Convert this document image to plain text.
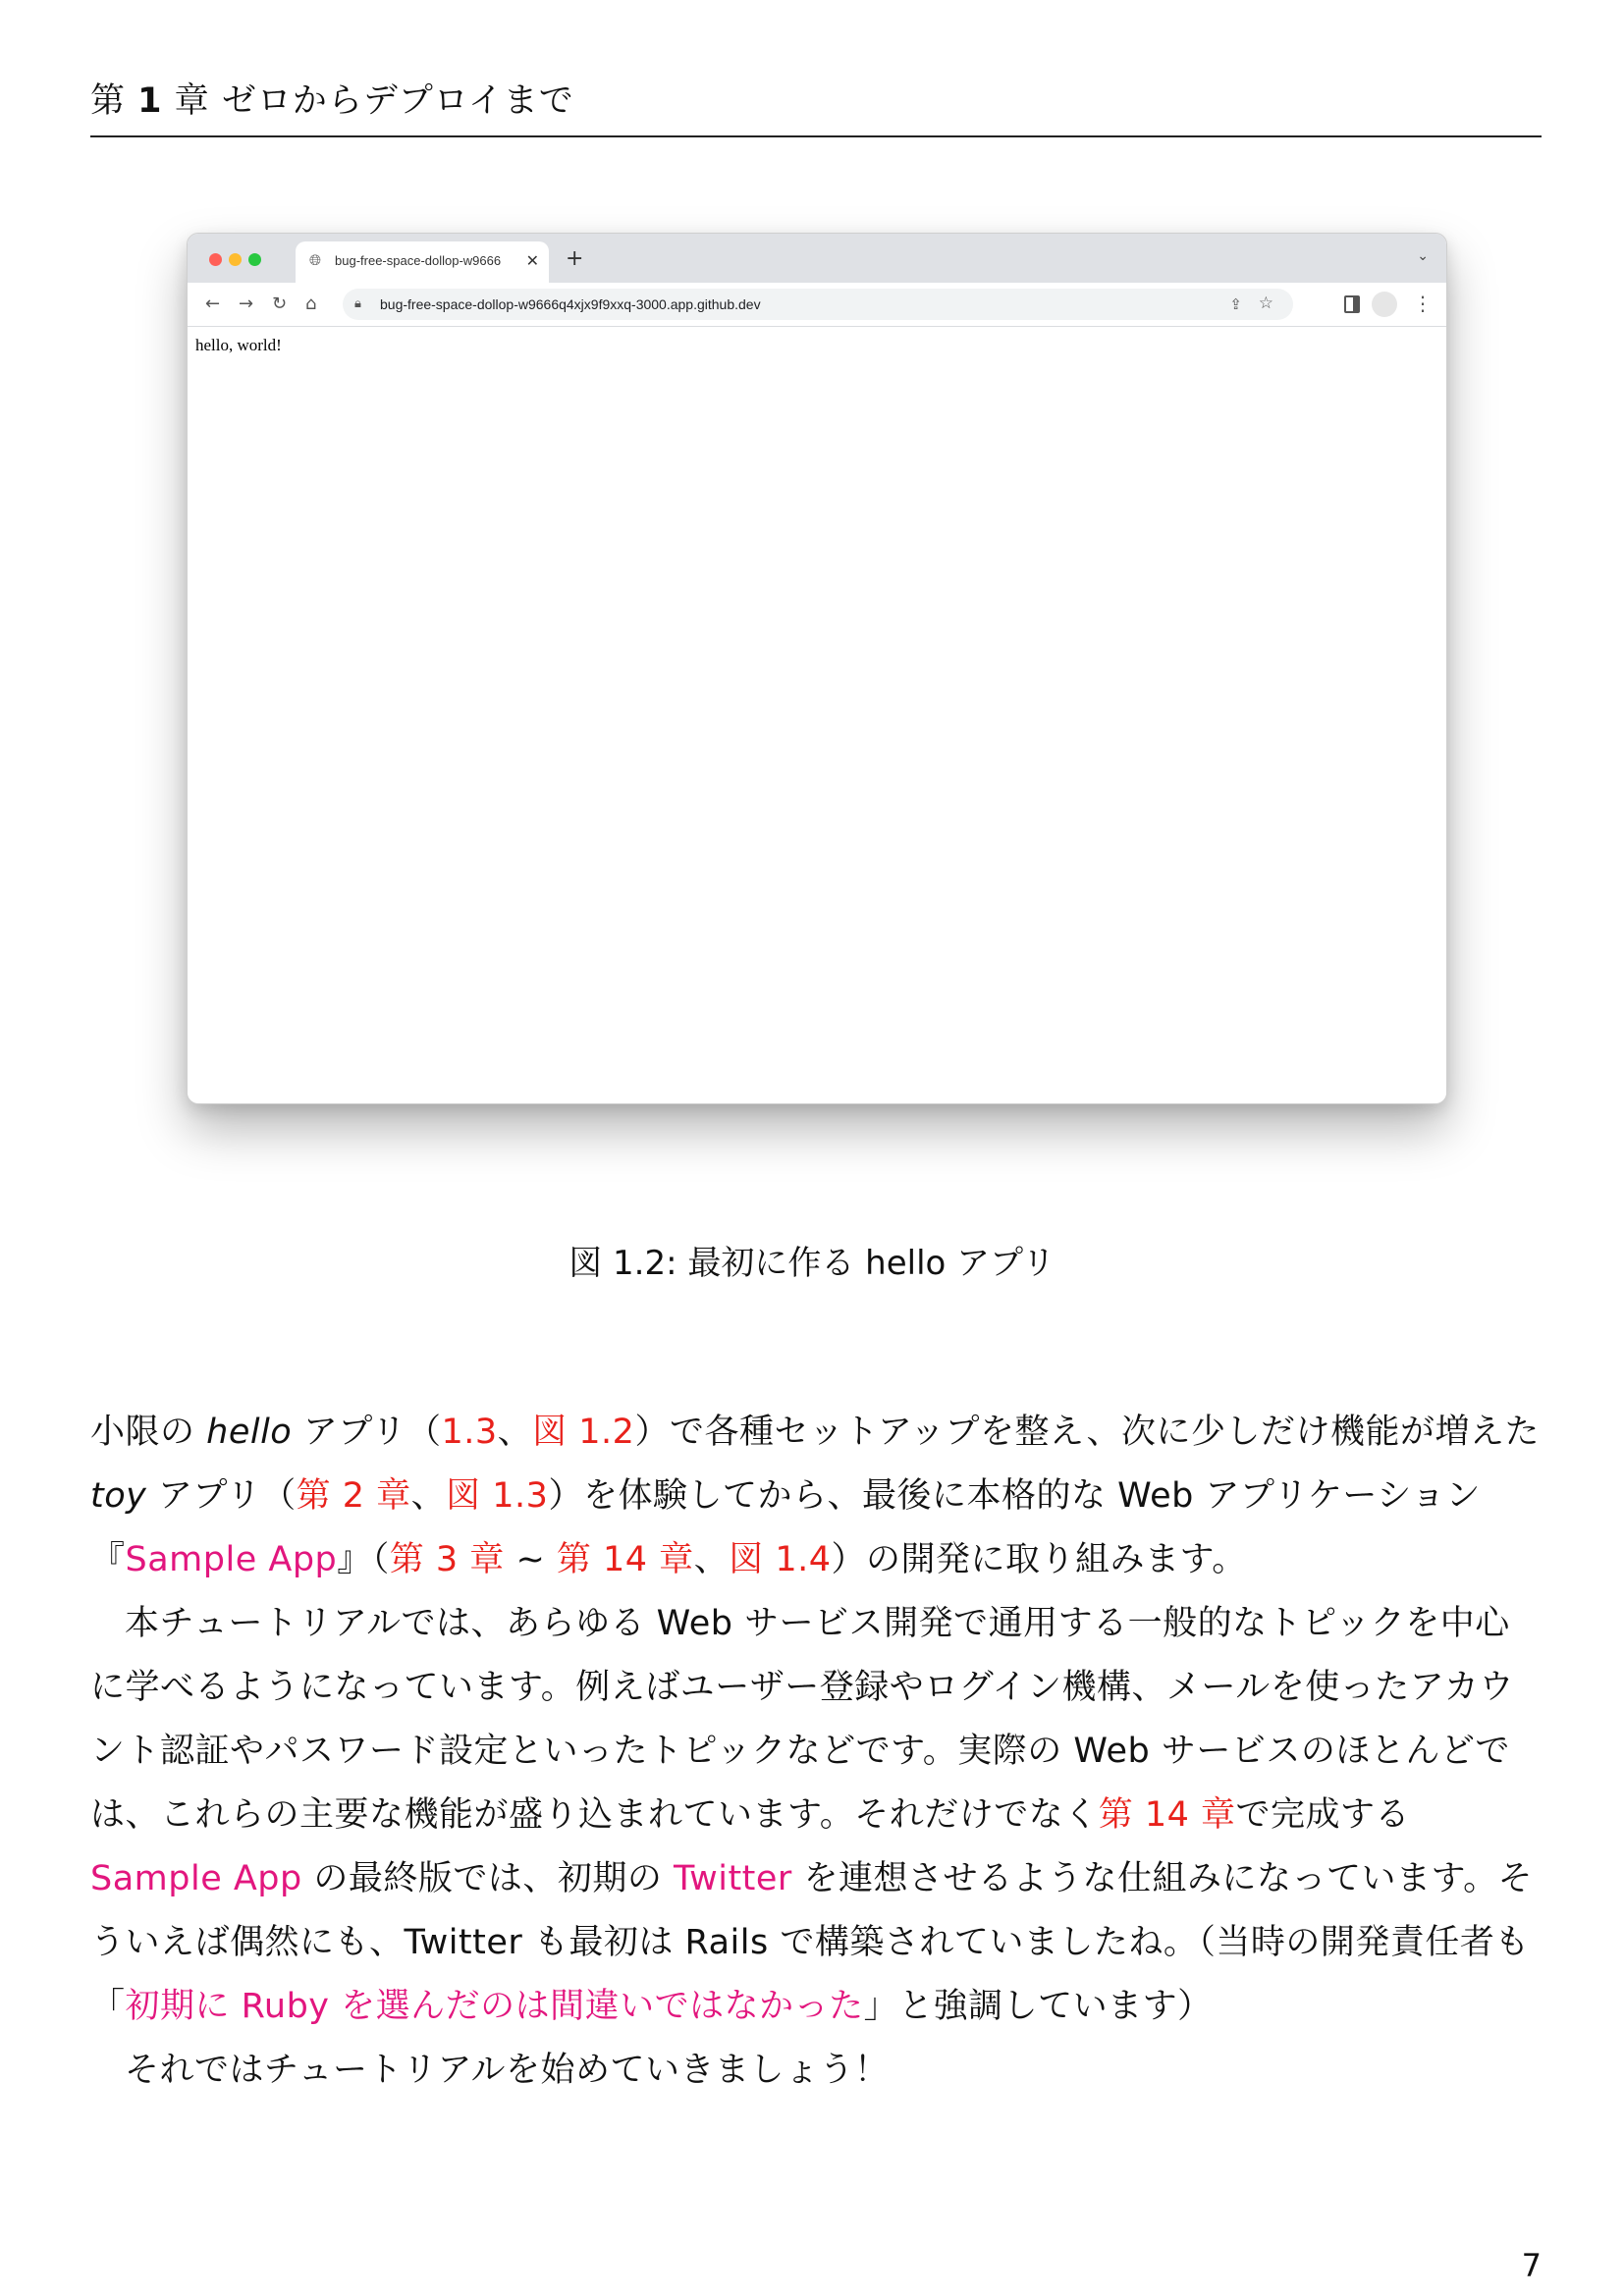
第 1 章 ゼロからデプロイまで
🌐︎	bug-free-space-dollop-w9666	✕ +	⌄
← → ↻ ⌂	🔒︎ bug-free-space-dollop-w9666q4xjx9f9xxq-3000.app.github.dev	⇪ ☆	⋮
hello, world!
図 1.2: 最初に作る hello アプリ

小限の hello アプリ（1.3、図 1.2）で各種セットアップを整え、次に少しだけ機能が増えた toy アプリ（第 2 章、図 1.3）を体験してから、最後に本格的な Web アプリケーション『Sample App』（第 3 章 ~ 第 14 章、図 1.4）の開発に取り組みます。

本チュートリアルでは、あらゆる Web サービス開発で通用する一般的なトピックを中心に学べるようになっています。例えばユーザー登録やログイン機構、メールを使ったアカウント認証やパスワード設定といったトピックなどです。実際の Web サービスのほとんどでは、これらの主要な機能が盛り込まれています。それだけでなく第 14 章で完成する Sample App の最終版では、初期の Twitter を連想させるような仕組みになっています。そういえば偶然にも、Twitter も最初は Rails で構築されていましたね。（当時の開発責任者も「初期に Ruby を選んだのは間違いではなかった」と強調しています）

それではチュートリアルを始めていきましょう！

7
